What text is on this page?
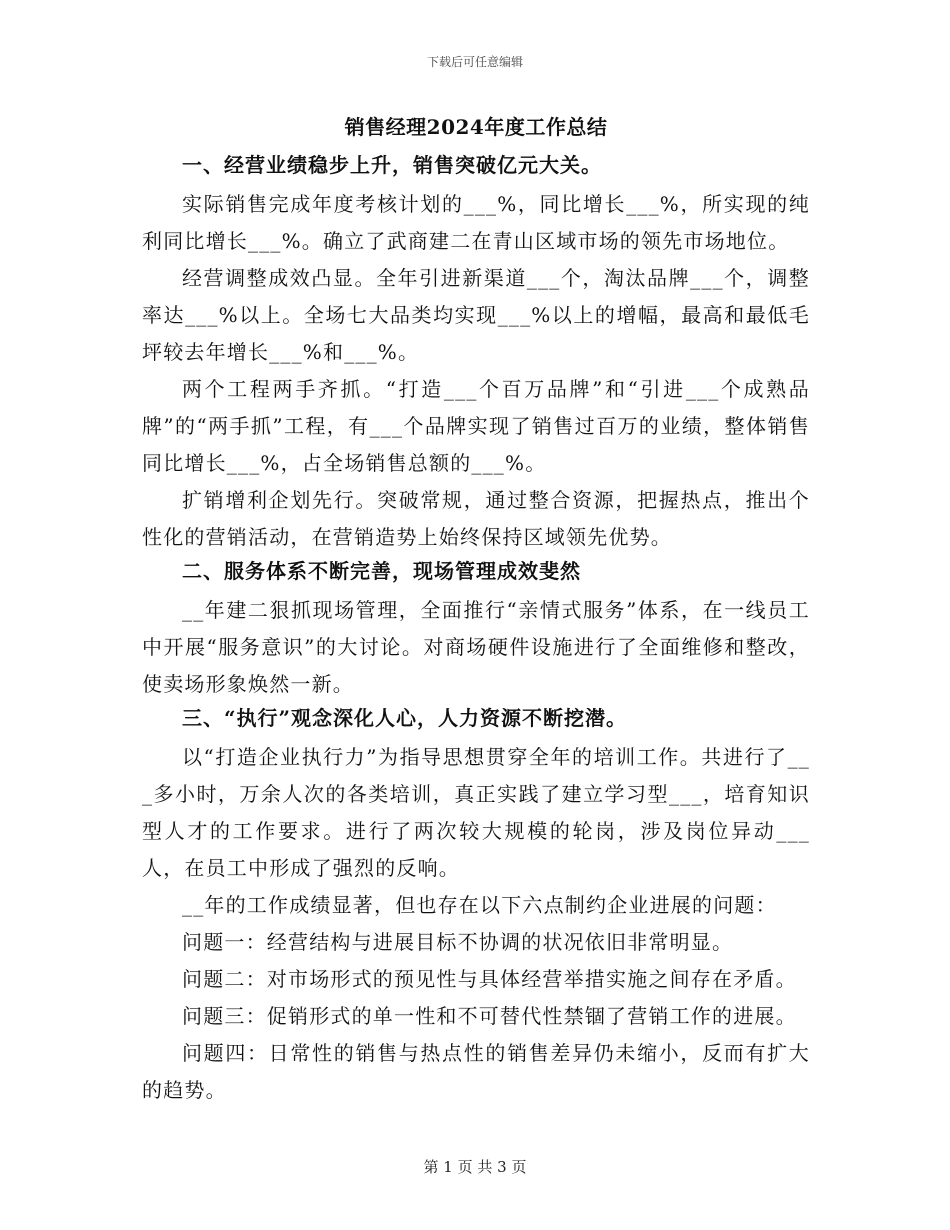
下载后可任意编辑
销售经理2024年度工作总结
一、经营业绩稳步上升，销售突破亿元大关。

实际销售完成年度考核计划的___%，同比增长___%，所实现的纯利同比增长___%。确立了武商建二在青山区域市场的领先市场地位。

经营调整成效凸显。全年引进新渠道___个，淘汰品牌___个，调整率达___%以上。全场七大品类均实现___%以上的增幅，最高和最低毛坪较去年增长___%和___%。

两个工程两手齐抓。“打造___个百万品牌”和“引进___个成熟品牌”的“两手抓”工程，有___个品牌实现了销售过百万的业绩，整体销售同比增长___%，占全场销售总额的___%。

扩销增利企划先行。突破常规，通过整合资源，把握热点，推出个性化的营销活动，在营销造势上始终保持区域领先优势。

二、服务体系不断完善，现场管理成效斐然

__年建二狠抓现场管理，全面推行“亲情式服务”体系，在一线员工中开展“服务意识”的大讨论。对商场硬件设施进行了全面维修和整改，使卖场形象焕然一新。

三、“执行”观念深化人心，人力资源不断挖潜。

以“打造企业执行力”为指导思想贯穿全年的培训工作。共进行了___多小时，万余人次的各类培训，真正实践了建立学习型___，培育知识型人才的工作要求。进行了两次较大规模的轮岗，涉及岗位异动___人，在员工中形成了强烈的反响。

__年的工作成绩显著，但也存在以下六点制约企业进展的问题：

问题一：经营结构与进展目标不协调的状况依旧非常明显。

问题二：对市场形式的预见性与具体经营举措实施之间存在矛盾。

问题三：促销形式的单一性和不可替代性禁锢了营销工作的进展。

问题四：日常性的销售与热点性的销售差异仍未缩小，反而有扩大的趋势。

第 1 页 共 3 页
